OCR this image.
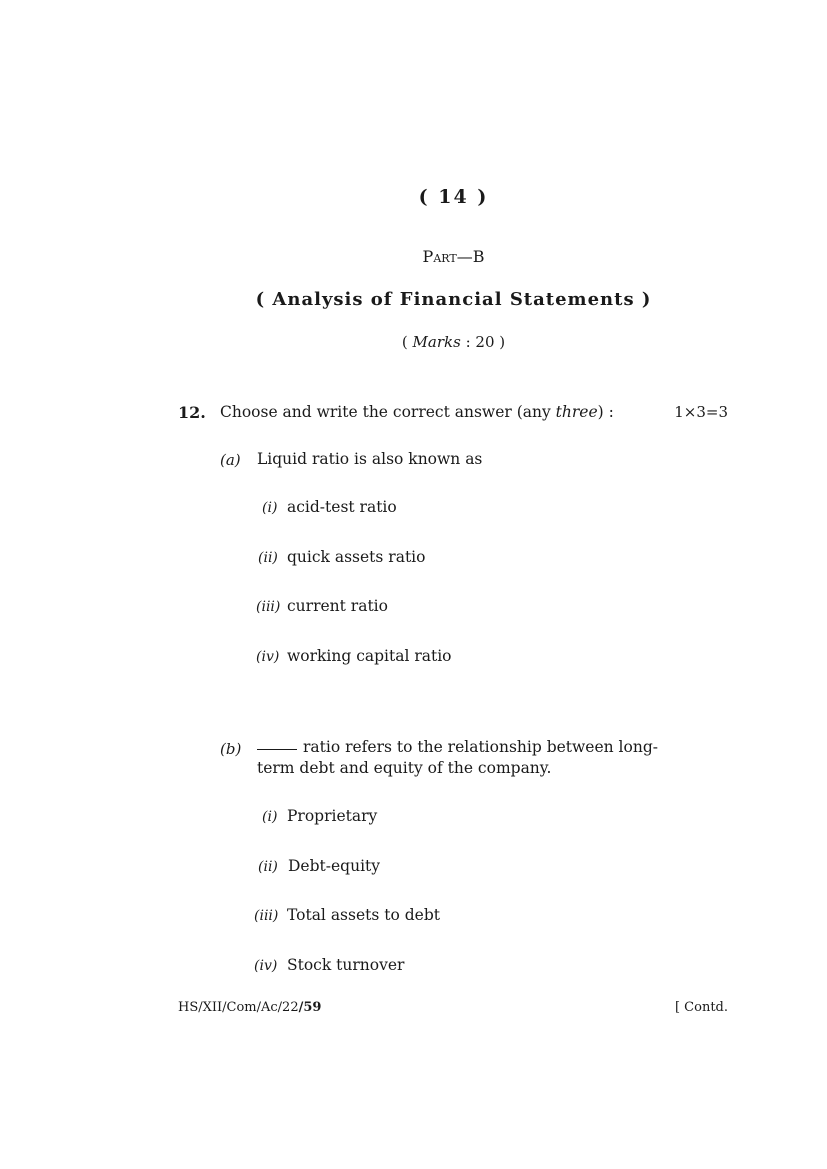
( 14 )
Part—B
( Analysis of Financial Statements )
( Marks : 20 )
12. Choose and write the correct answer (any three) :	1×3=3
(a) Liquid ratio is also known as
(i) acid-test ratio
(ii) quick assets ratio
(iii) current ratio
(iv) working capital ratio
(b)	ratio refers to the relationship between long-
term debt and equity of the company.
(i) Proprietary
(ii) Debt-equity
(iii) Total assets to debt
(iv) Stock turnover
HS/XII/Com/Ac/22/59	[ Contd.
